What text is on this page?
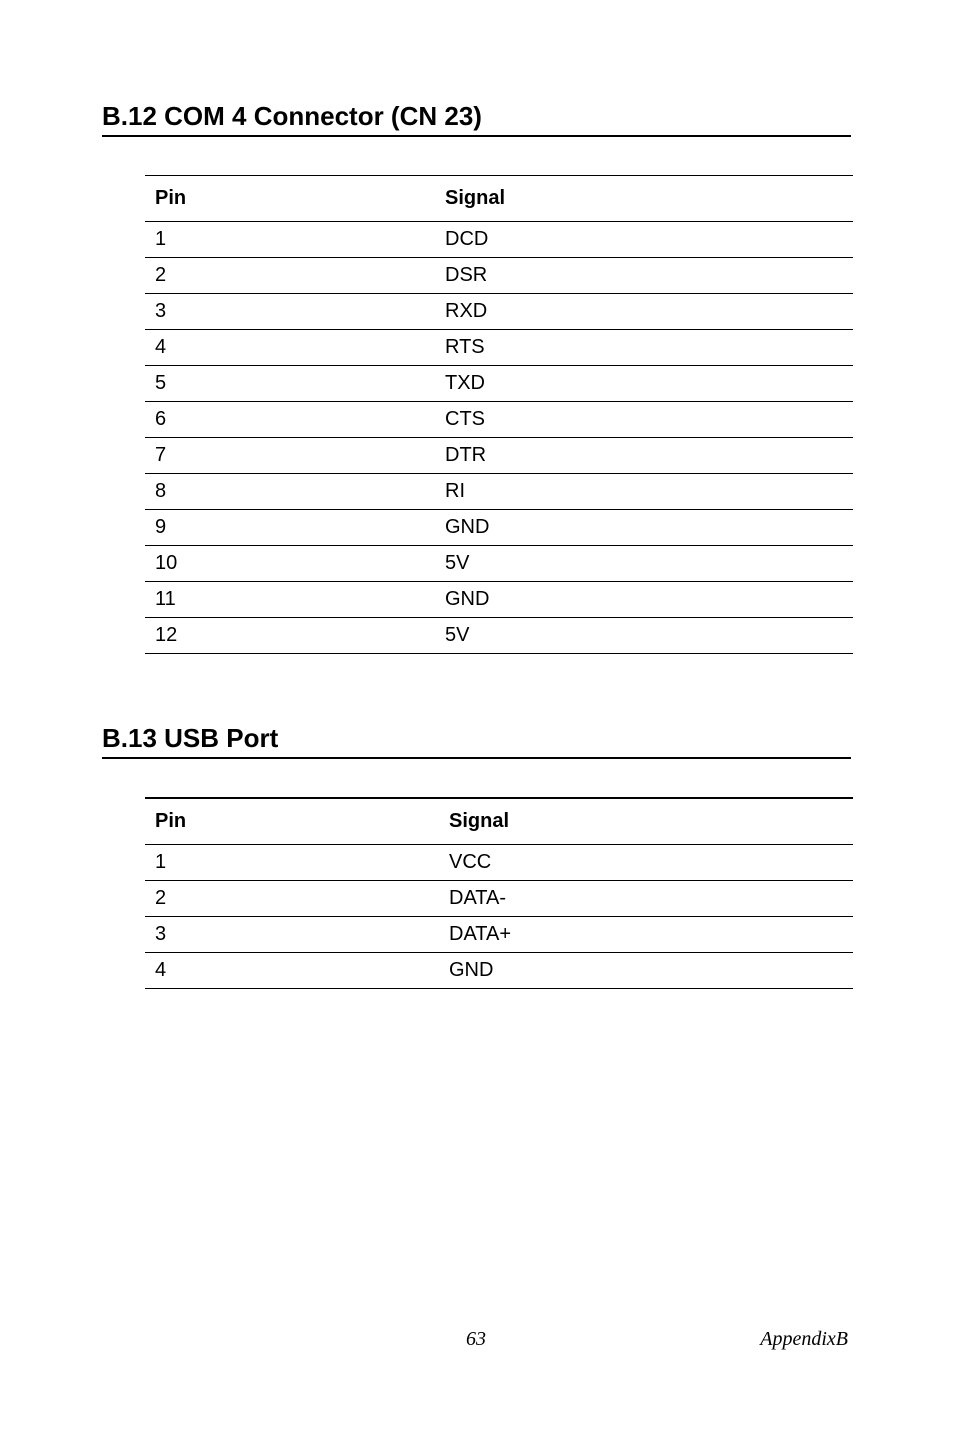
B.12 COM 4 Connector (CN 23)
Pin	Signal
1	DCD
2	DSR
3	RXD
4	RTS
5	TXD
6	CTS
7	DTR
8	RI
9	GND
10	5V
11	GND
12	5V
B.13 USB Port
Pin	Signal
1	VCC
2	DATA-
3	DATA+
4	GND
63	AppendixB
